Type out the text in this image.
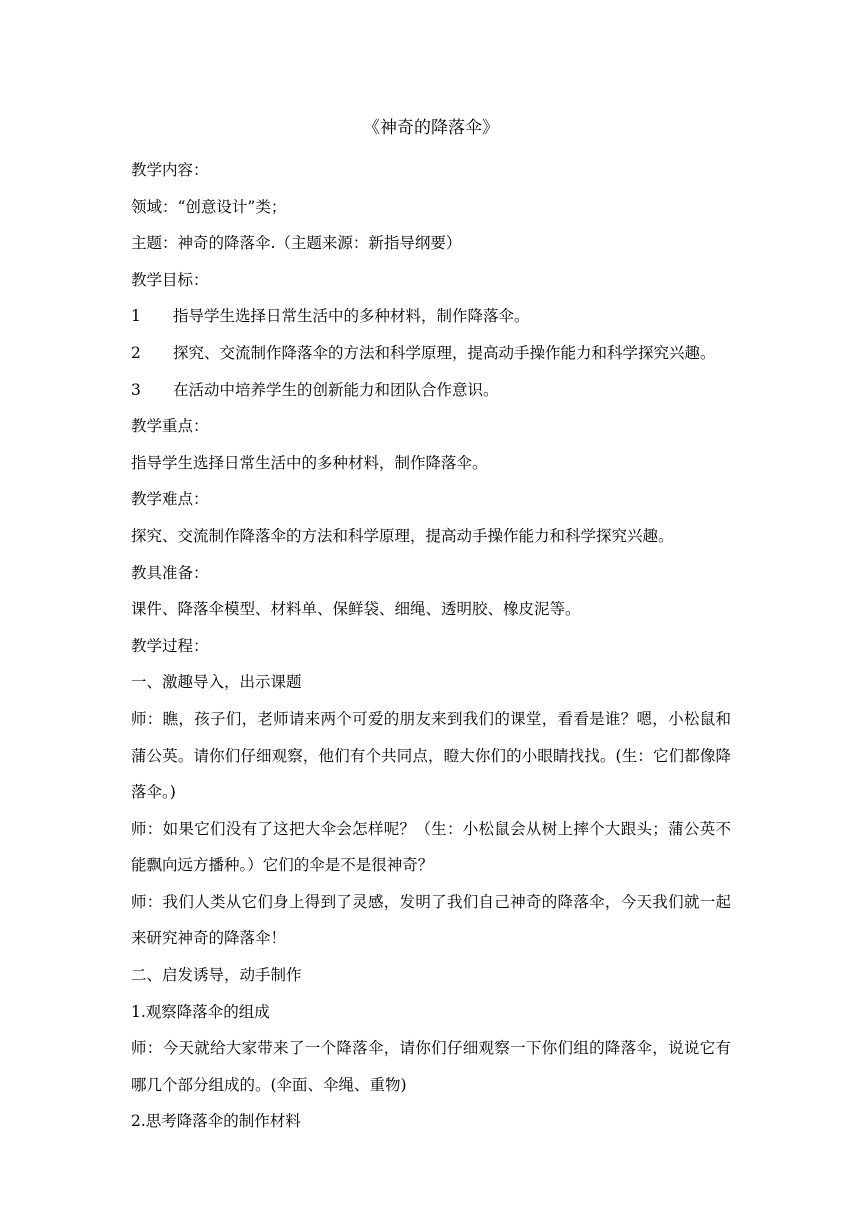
《神奇的降落伞》

教学内容：

领域：“创意设计”类；

主题：神奇的降落伞.（主题来源：新指导纲要）

教学目标：

1 指导学生选择日常生活中的多种材料，制作降落伞。

2 探究、交流制作降落伞的方法和科学原理，提高动手操作能力和科学探究兴趣。

3 在活动中培养学生的创新能力和团队合作意识。

教学重点：

指导学生选择日常生活中的多种材料，制作降落伞。

教学难点：

探究、交流制作降落伞的方法和科学原理，提高动手操作能力和科学探究兴趣。

教具准备：

课件、降落伞模型、材料单、保鲜袋、细绳、透明胶、橡皮泥等。

教学过程：

一、激趣导入，出示课题

师：瞧，孩子们，老师请来两个可爱的朋友来到我们的课堂，看看是谁？嗯，小松鼠和蒲公英。请你们仔细观察，他们有个共同点，瞪大你们的小眼睛找找。(生：它们都像降落伞。)

师：如果它们没有了这把大伞会怎样呢？（生：小松鼠会从树上摔个大跟头；蒲公英不能飘向远方播种。）它们的伞是不是很神奇？

师：我们人类从它们身上得到了灵感，发明了我们自己神奇的降落伞，今天我们就一起来研究神奇的降落伞！

二、启发诱导，动手制作

1.观察降落伞的组成

师：今天就给大家带来了一个降落伞，请你们仔细观察一下你们组的降落伞，说说它有哪几个部分组成的。(伞面、伞绳、重物)

2.思考降落伞的制作材料
